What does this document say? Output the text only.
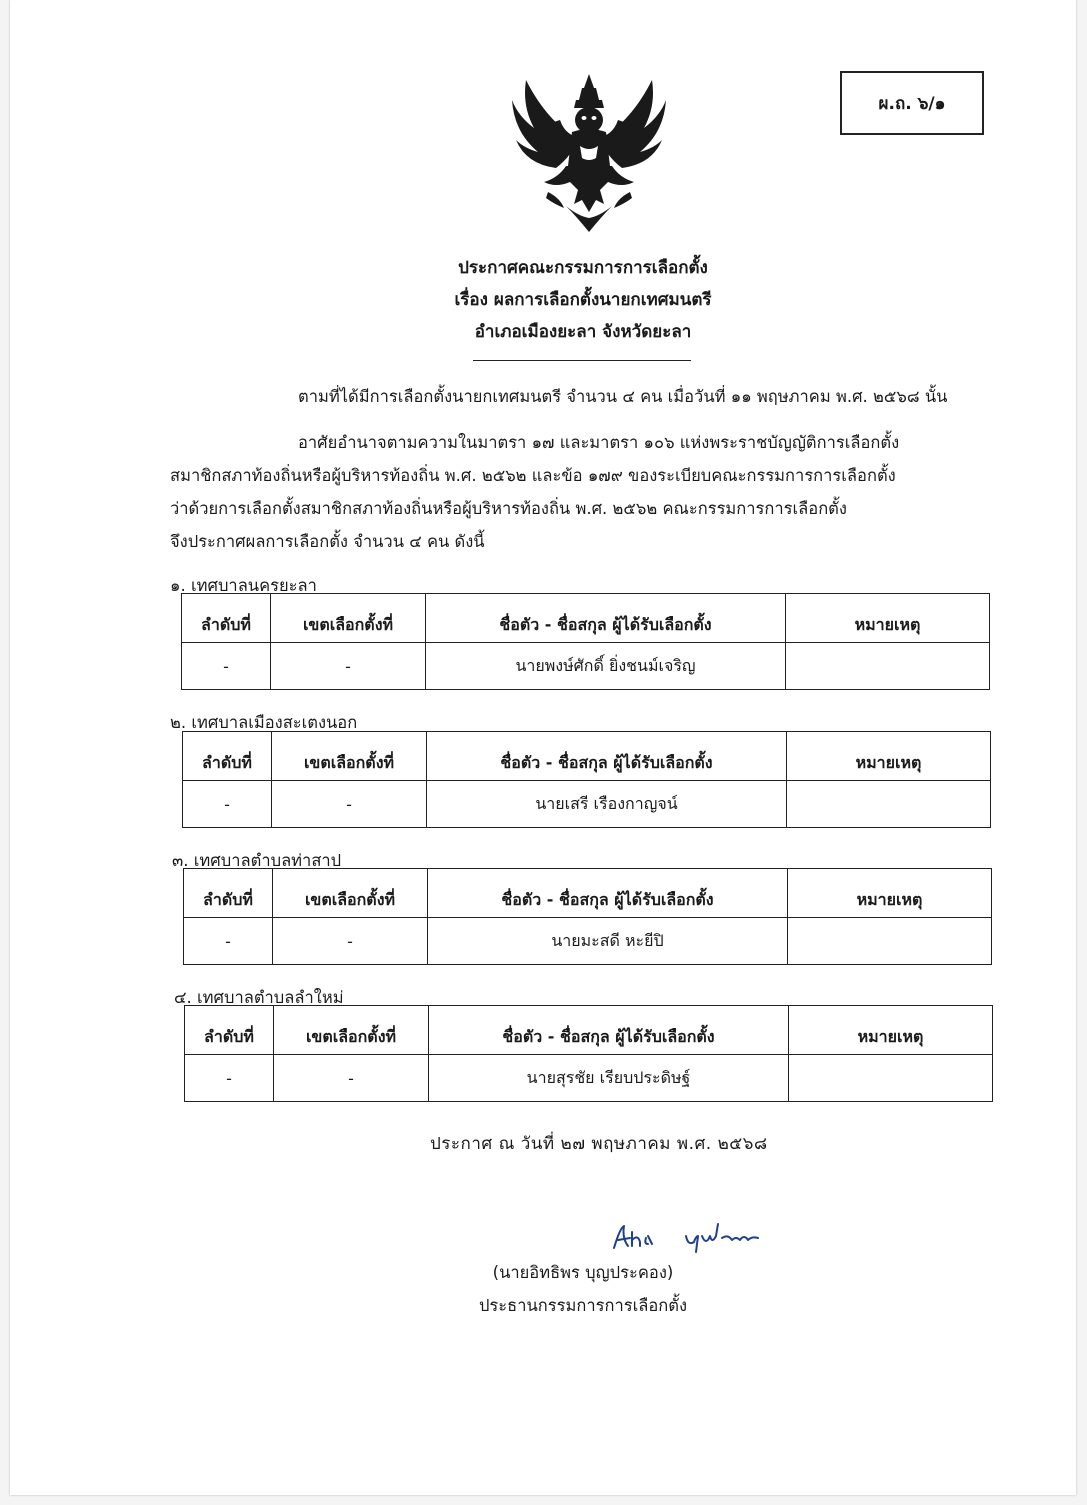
ผ.ถ. ๖/๑
ประกาศคณะกรรมการการเลือกตั้ง
เรื่อง ผลการเลือกตั้งนายกเทศมนตรี
อำเภอเมืองยะลา จังหวัดยะลา
ตามที่ได้มีการเลือกตั้งนายกเทศมนตรี จำนวน ๔ คน เมื่อวันที่ ๑๑ พฤษภาคม พ.ศ. ๒๕๖๘ นั้น
อาศัยอำนาจตามความในมาตรา ๑๗ และมาตรา ๑๐๖ แห่งพระราชบัญญัติการเลือกตั้ง
สมาชิกสภาท้องถิ่นหรือผู้บริหารท้องถิ่น พ.ศ. ๒๕๖๒ และข้อ ๑๗๙ ของระเบียบคณะกรรมการการเลือกตั้ง
ว่าด้วยการเลือกตั้งสมาชิกสภาท้องถิ่นหรือผู้บริหารท้องถิ่น พ.ศ. ๒๕๖๒ คณะกรรมการการเลือกตั้ง
จึงประกาศผลการเลือกตั้ง จำนวน ๔ คน ดังนี้
๑. เทศบาลนครยะลา
ลำดับที่	เขตเลือกตั้งที่	ชื่อตัว - ชื่อสกุล ผู้ได้รับเลือกตั้ง	หมายเหตุ
-	-	นายพงษ์ศักดิ์ ยิ่งชนม์เจริญ	
๒. เทศบาลเมืองสะเตงนอก
ลำดับที่	เขตเลือกตั้งที่	ชื่อตัว - ชื่อสกุล ผู้ได้รับเลือกตั้ง	หมายเหตุ
-	-	นายเสรี เรืองกาญจน์	
๓. เทศบาลตำบลท่าสาป
ลำดับที่	เขตเลือกตั้งที่	ชื่อตัว - ชื่อสกุล ผู้ได้รับเลือกตั้ง	หมายเหตุ
-	-	นายมะสดี หะยีปิ	
๔. เทศบาลตำบลลำใหม่
ลำดับที่	เขตเลือกตั้งที่	ชื่อตัว - ชื่อสกุล ผู้ได้รับเลือกตั้ง	หมายเหตุ
-	-	นายสุรชัย เรียบประดิษฐ์	
ประกาศ ณ วันที่ ๒๗ พฤษภาคม พ.ศ. ๒๕๖๘
(นายอิทธิพร บุญประคอง)
ประธานกรรมการการเลือกตั้ง
